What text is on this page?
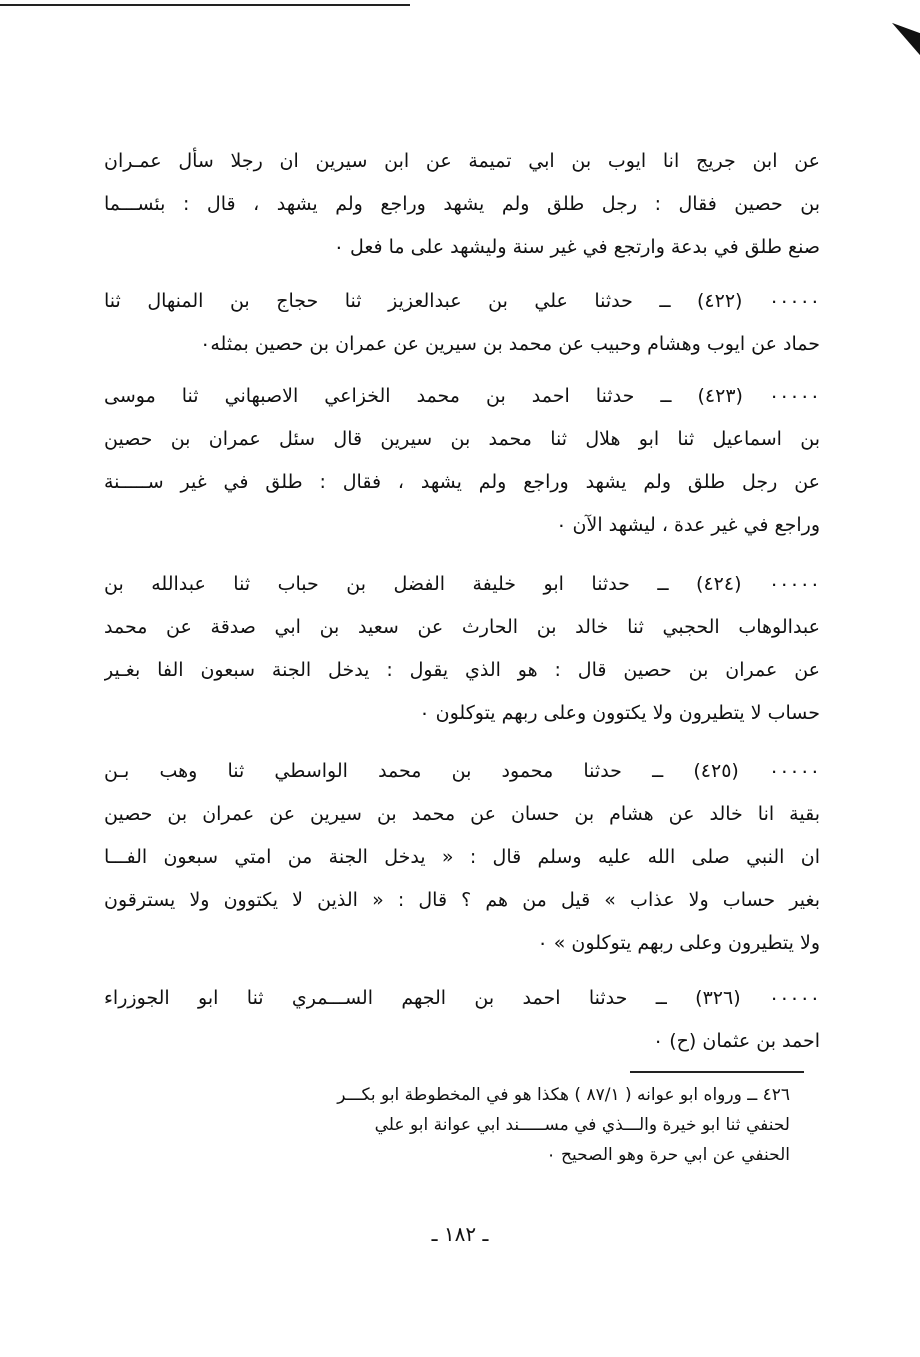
عن ابن جريج انا ايوب بن ابي تميمة عن ابن سيرين ان رجلا سأل عمـران
بن حصين فقال : رجل طلق ولم يشهد وراجع ولم يشهد ، قال : بئســـما
صنع طلق في بدعة وارتجع في غير سنة وليشهد على ما فعل ٠
٠٠٠٠٠ (٤٢٢) ــ حدثنا علي بن عبدالعزيز ثنا حجاج بن المنهال ثنا
حماد عن ايوب وهشام وحبيب عن محمد بن سيرين عن عمران بن حصين بمثله٠
٠٠٠٠٠ (٤٢٣) ــ حدثنا احمد بن محمد الخزاعي الاصبهاني ثنا موسى
بن اسماعيل ثنا ابو هلال ثنا محمد بن سيرين قال سئل عمران بن حصين
عن رجل طلق ولم يشهد وراجع ولم يشهد ، فقال : طلق في غير ســـــنة
وراجع في غير عدة ، ليشهد الآن ٠
٠٠٠٠٠ (٤٢٤) ــ حدثنا ابو خليفة الفضل بن حباب ثنا عبدالله بن
عبدالوهاب الحجبي ثنا خالد بن الحارث عن سعيد بن ابي صدقة عن محمد
عن عمران بن حصين قال : هو الذي يقول : يدخل الجنة سبعون الفا بغـير
حساب لا يتطيرون ولا يكتوون وعلى ربهم يتوكلون ٠
٠٠٠٠٠ (٤٢٥) ــ حدثنا محمود بن محمد الواسطي ثنا وهب بـن
بقية انا خالد عن هشام بن حسان عن محمد بن سيرين عن عمران بن حصين
ان النبي صلى الله عليه وسلم قال : « يدخل الجنة من امتي سبعون الفـــا
بغير حساب ولا عذاب » قيل من هم ؟ قال : « الذين لا يكتوون ولا يسترقون
ولا يتطيرون وعلى ربهم يتوكلون » ٠
٠٠٠٠٠ (٣٢٦) ــ حدثنا احمد بن الجهم الســـمري ثنا ابو الجوزراء
احمد بن عثمان (ح) ٠
٤٢٦ ــ ورواه ابو عوانه ( ٨٧/١ ) هكذا هو في المخطوطة ابو بكـــر
لحنفي ثنا ابو خيرة والـــذي في مســـــند ابي عوانة ابو علي
الحنفي عن ابي حرة وهو الصحيح ٠
ـ ١٨٢ ـ
